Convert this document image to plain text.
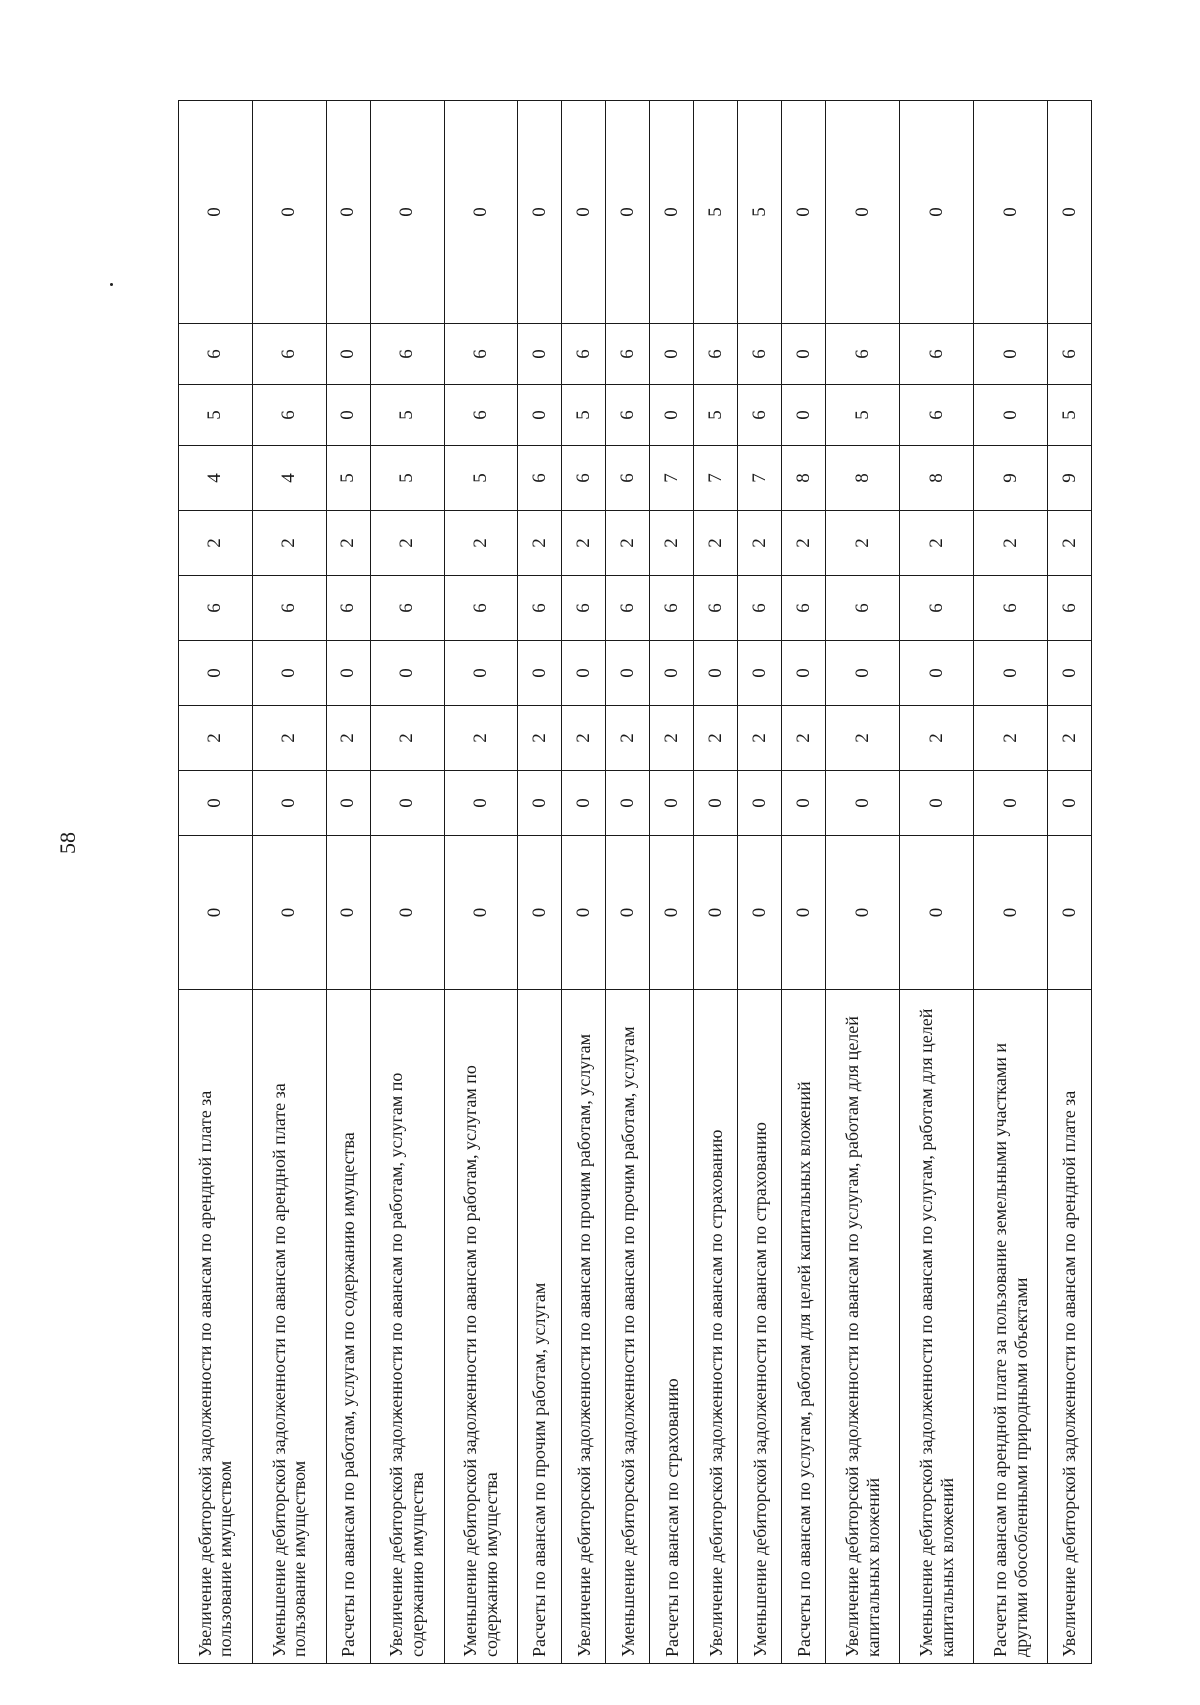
58
Увеличение дебиторской задолженности по авансам по арендной плате за пользование имуществом	0	0	2	0	6	2	4	5	6	0
Уменьшение дебиторской задолженности по авансам по арендной плате за пользование имуществом	0	0	2	0	6	2	4	6	6	0
Расчеты по авансам по работам, услугам по содержанию имущества	0	0	2	0	6	2	5	0	0	0
Увеличение дебиторской задолженности по авансам по работам, услугам по содержанию имущества	0	0	2	0	6	2	5	5	6	0
Уменьшение дебиторской задолженности по авансам по работам, услугам по содержанию имущества	0	0	2	0	6	2	5	6	6	0
Расчеты по авансам по прочим работам, услугам	0	0	2	0	6	2	6	0	0	0
Увеличение дебиторской задолженности по авансам по прочим работам, услугам	0	0	2	0	6	2	6	5	6	0
Уменьшение дебиторской задолженности по авансам по прочим работам, услугам	0	0	2	0	6	2	6	6	6	0
Расчеты по авансам по страхованию	0	0	2	0	6	2	7	0	0	0
Увеличение дебиторской задолженности по авансам по страхованию	0	0	2	0	6	2	7	5	6	5
Уменьшение дебиторской задолженности по авансам по страхованию	0	0	2	0	6	2	7	6	6	5
Расчеты по авансам по услугам, работам для целей капитальных вложений	0	0	2	0	6	2	8	0	0	0
Увеличение дебиторской задолженности по авансам по услугам, работам для целей капитальных вложений	0	0	2	0	6	2	8	5	6	0
Уменьшение дебиторской задолженности по авансам по услугам, работам для целей капитальных вложений	0	0	2	0	6	2	8	6	6	0
Расчеты по авансам по арендной плате за пользование земельными участками и другими обособленными природными объектами	0	0	2	0	6	2	9	0	0	0
Увеличение дебиторской задолженности по авансам по арендной плате за	0	0	2	0	6	2	9	5	6	0
